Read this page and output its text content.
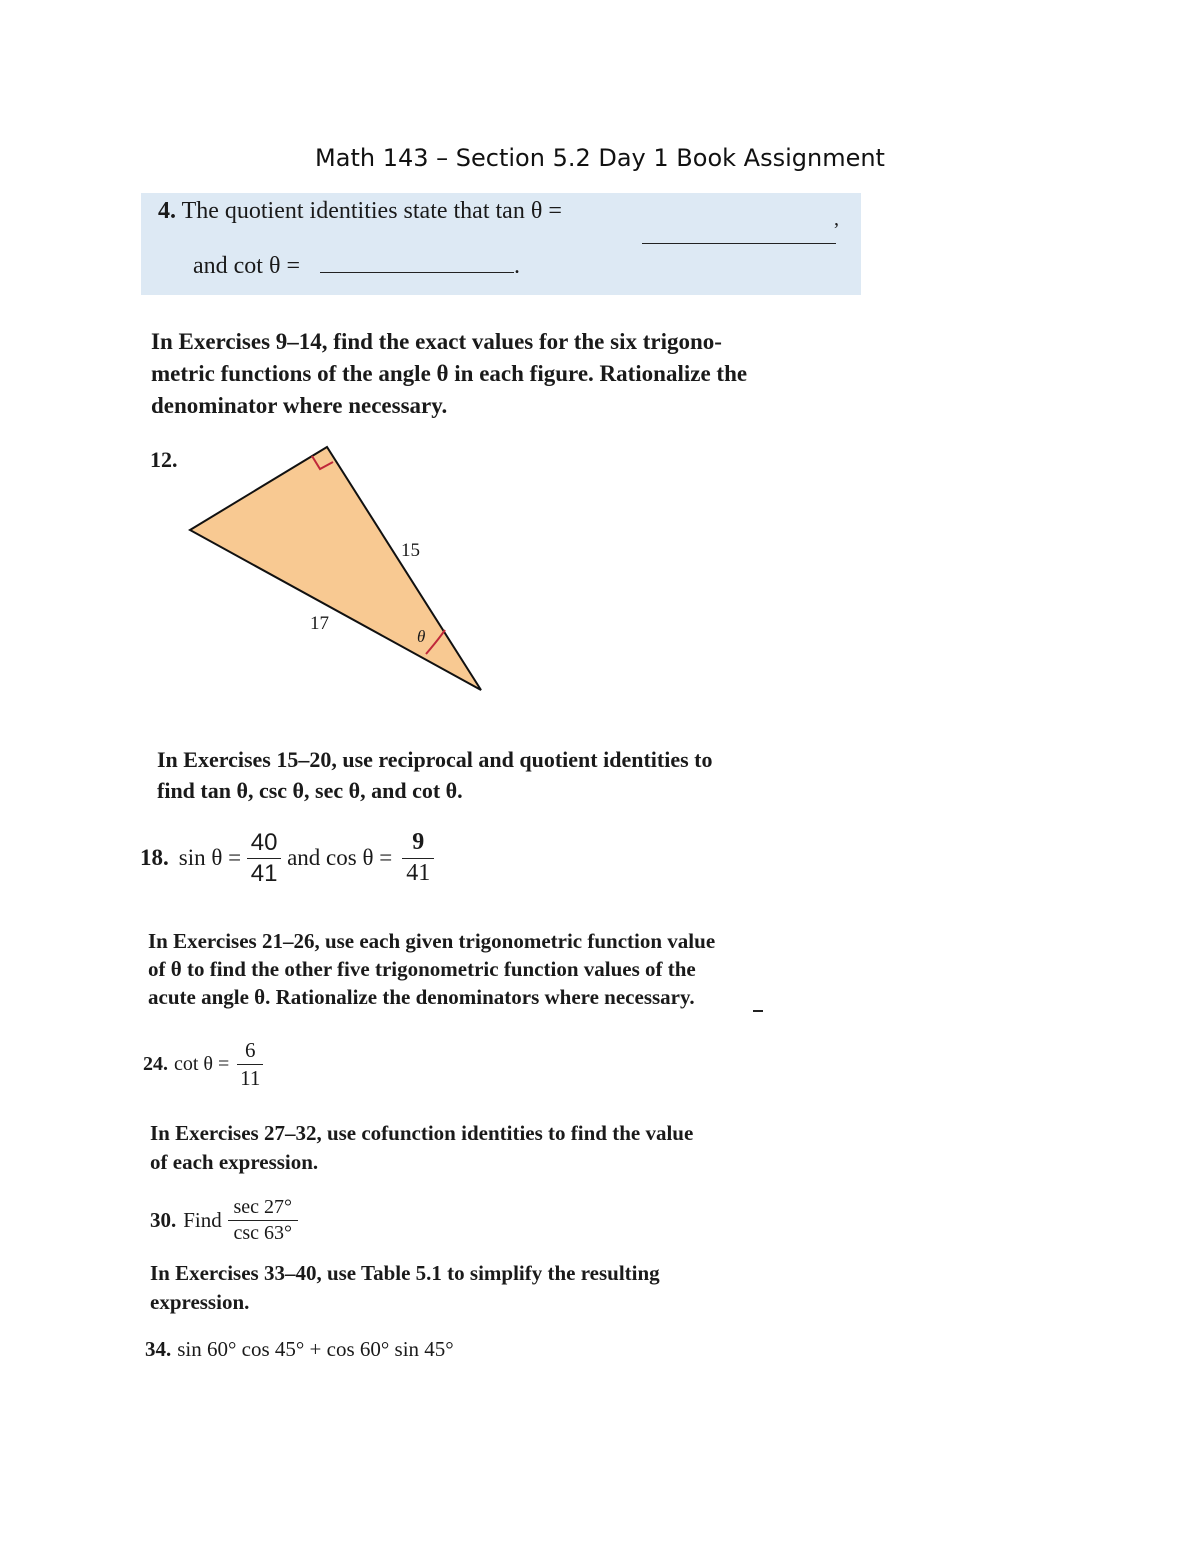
Math 143 – Section 5.2 Day 1 Book Assignment
4. The quotient identities state that tan θ =	,
and cot θ =	.
In Exercises 9–14, find the exact values for the six trigono-
metric functions of the angle θ in each figure. Rationalize the
denominator where necessary.
12.
15
17
θ
In Exercises 15–20, use reciprocal and quotient identities to
find tan θ, csc θ, sec θ, and cot θ.
18. $\sin \theta = \frac{40}{41}$ and $\cos \theta = \frac{9}{41}$
In Exercises 21–26, use each given trigonometric function value
of θ to find the other five trigonometric function values of the
acute angle θ. Rationalize the denominators where necessary.
24. $\cot \theta = \frac{6}{11}$
In Exercises 27–32, use cofunction identities to find the value
of each expression.
30. Find $\frac{\sec 27^\circ}{\csc 63^\circ}$
In Exercises 33–40, use Table 5.1 to simplify the resulting
expression.
34. sin 60° cos 45° + cos 60° sin 45°
